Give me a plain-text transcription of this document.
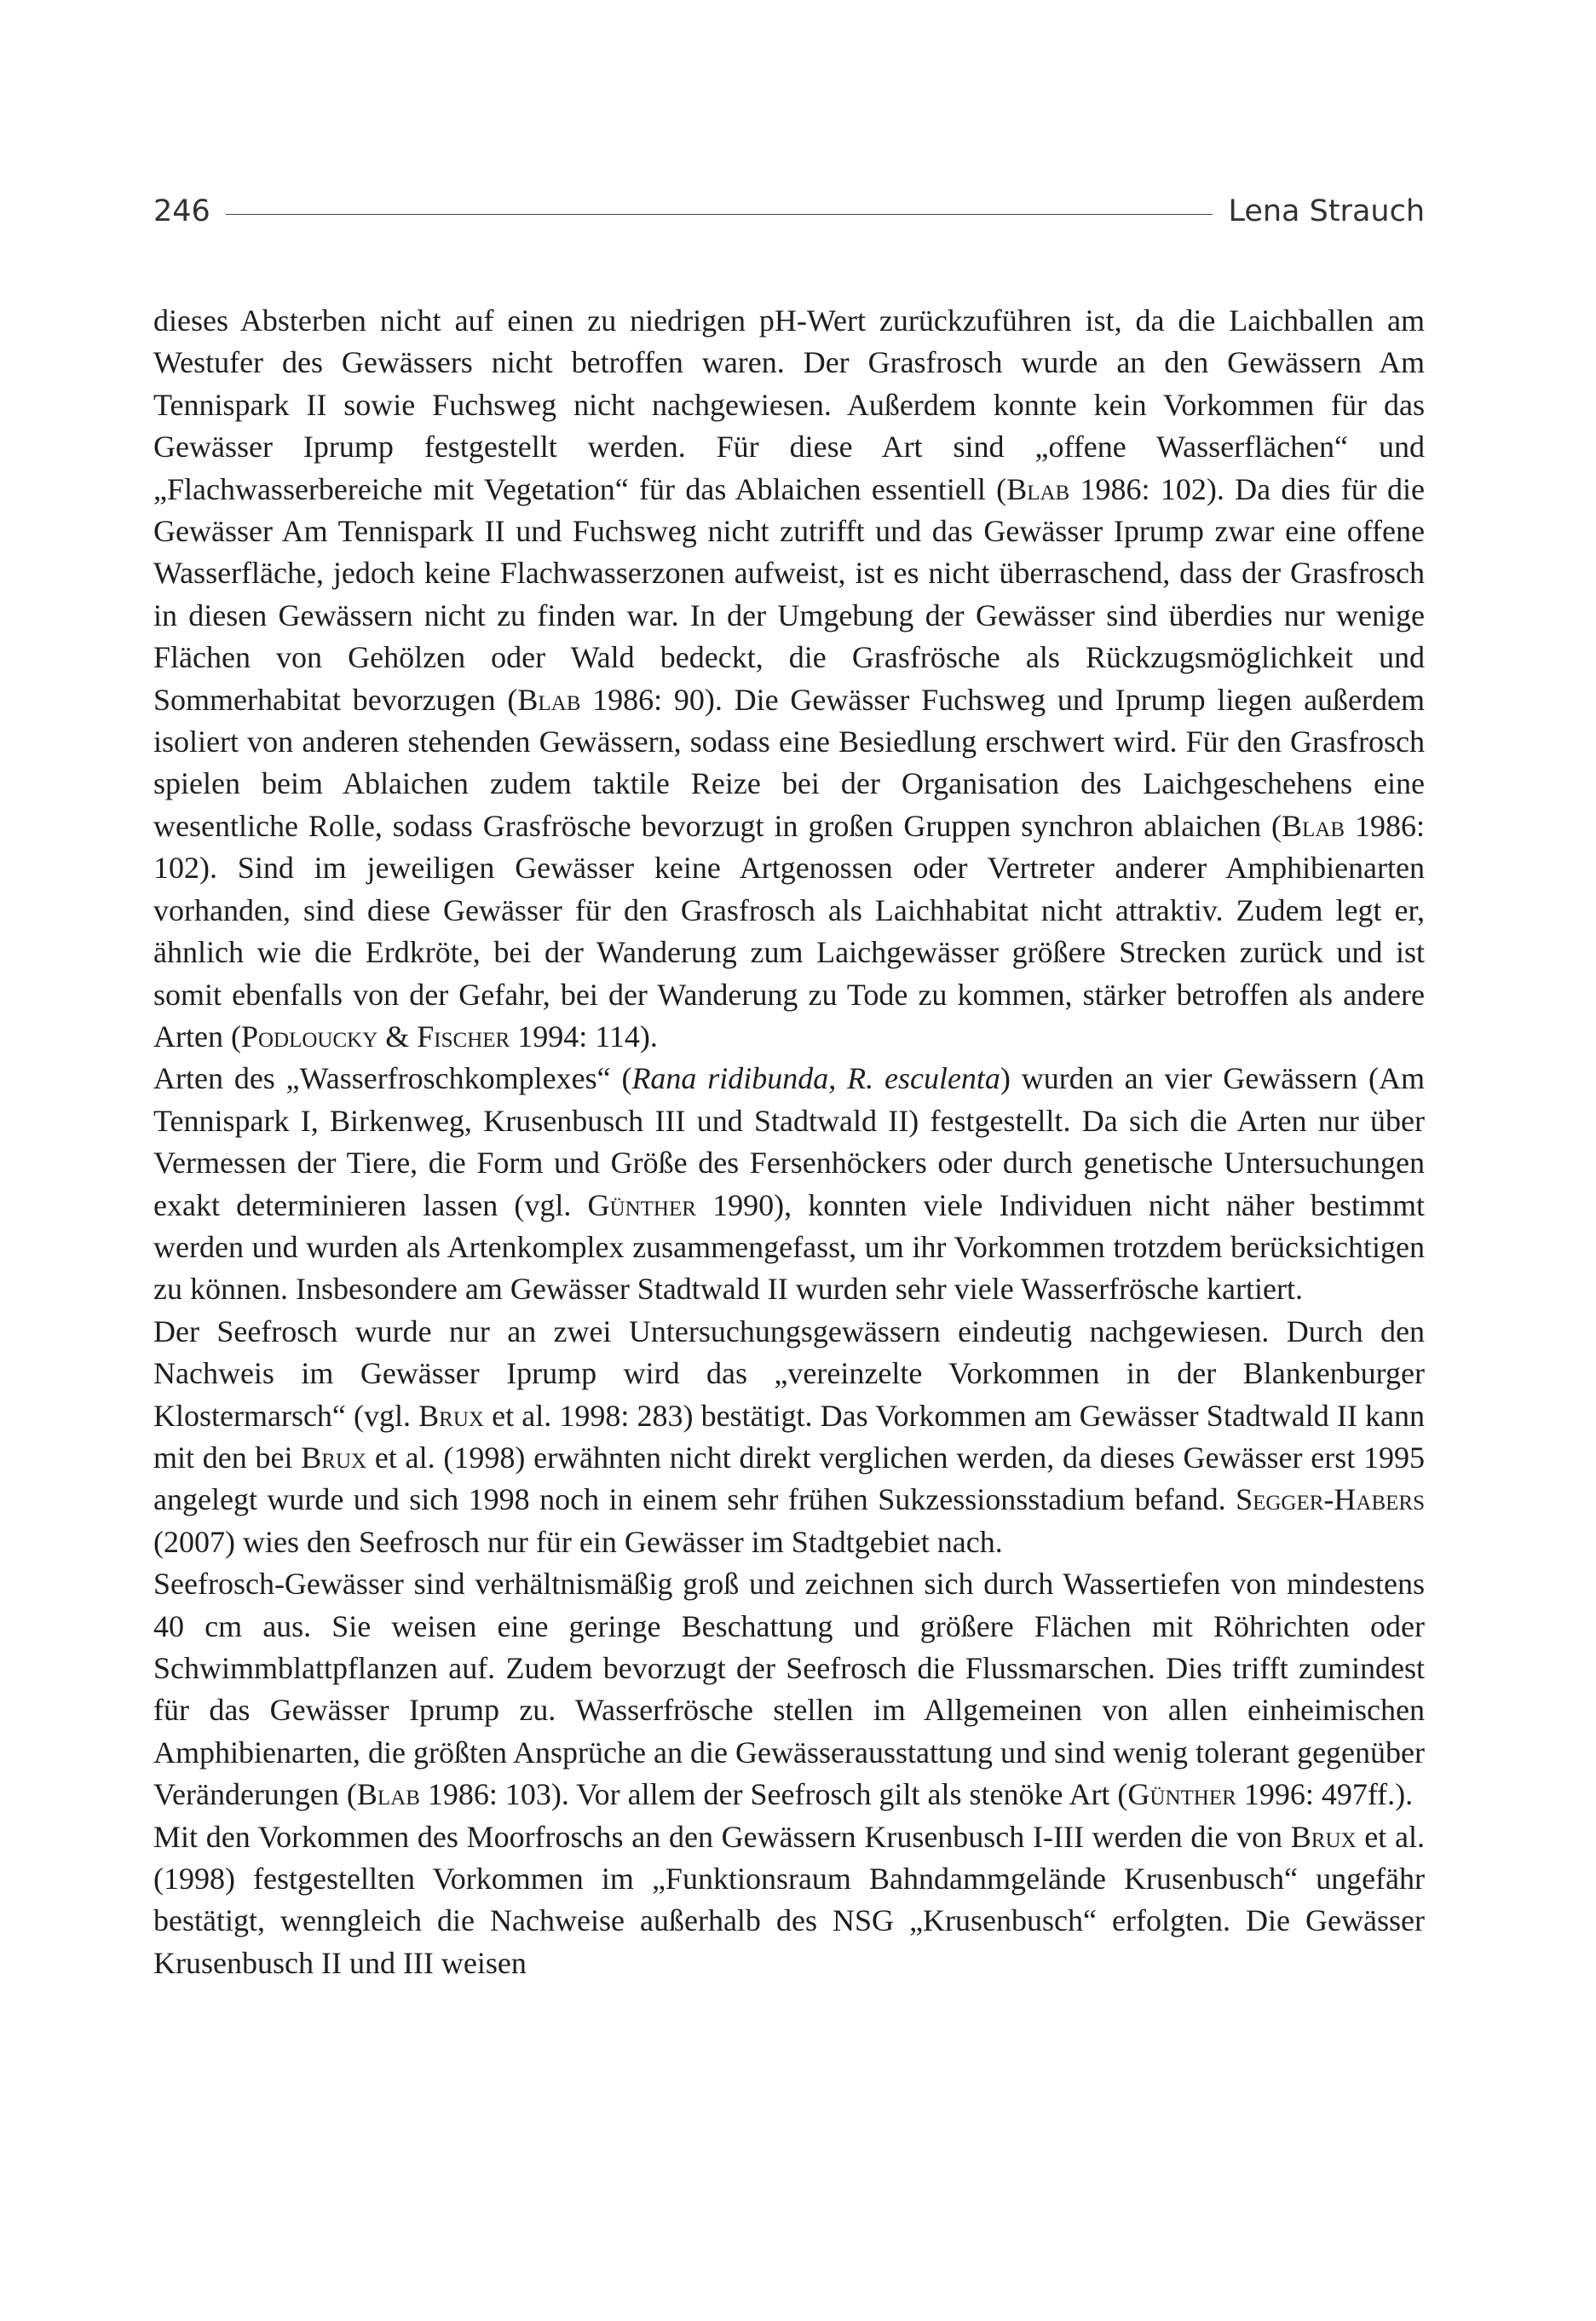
246	Lena Strauch

dieses Absterben nicht auf einen zu niedrigen pH-Wert zurückzuführen ist, da die Laichballen am Westufer des Gewässers nicht betroffen waren. Der Grasfrosch wurde an den Gewässern Am Tennispark II sowie Fuchsweg nicht nachgewiesen. Außerdem konnte kein Vorkommen für das Gewässer Iprump festgestellt werden. Für diese Art sind „offene Wasserflächen“ und „Flachwasserbereiche mit Vegetation“ für das Ablaichen essentiell (Blab 1986: 102). Da dies für die Gewässer Am Tennispark II und Fuchsweg nicht zutrifft und das Gewässer Iprump zwar eine offene Wasserfläche, jedoch keine Flachwasserzonen aufweist, ist es nicht überraschend, dass der Grasfrosch in diesen Gewässern nicht zu finden war. In der Umgebung der Gewässer sind überdies nur wenige Flächen von Gehölzen oder Wald bedeckt, die Grasfrösche als Rückzugsmöglichkeit und Sommerhabitat bevorzugen (Blab 1986: 90). Die Gewässer Fuchsweg und Iprump liegen außerdem isoliert von anderen stehenden Gewässern, sodass eine Besiedlung erschwert wird. Für den Grasfrosch spielen beim Ablaichen zudem taktile Reize bei der Organisation des Laichgeschehens eine wesentliche Rolle, sodass Grasfrösche bevorzugt in großen Gruppen synchron ablaichen (Blab 1986: 102). Sind im jeweiligen Gewässer keine Artgenossen oder Vertreter anderer Amphibienarten vorhanden, sind diese Gewässer für den Grasfrosch als Laichhabitat nicht attraktiv. Zudem legt er, ähnlich wie die Erdkröte, bei der Wanderung zum Laichgewässer größere Strecken zurück und ist somit ebenfalls von der Gefahr, bei der Wanderung zu Tode zu kommen, stärker betroffen als andere Arten (Podloucky & Fischer 1994: 114).

Arten des „Wasserfroschkomplexes“ (Rana ridibunda, R. esculenta) wurden an vier Gewässern (Am Tennispark I, Birkenweg, Krusenbusch III und Stadtwald II) festgestellt. Da sich die Arten nur über Vermessen der Tiere, die Form und Größe des Fersenhöckers oder durch genetische Untersuchungen exakt determinieren lassen (vgl. Günther 1990), konnten viele Individuen nicht näher bestimmt werden und wurden als Artenkomplex zusammengefasst, um ihr Vorkommen trotzdem berücksichtigen zu können. Insbesondere am Gewässer Stadtwald II wurden sehr viele Wasserfrösche kartiert.

Der Seefrosch wurde nur an zwei Untersuchungsgewässern eindeutig nachgewiesen. Durch den Nachweis im Gewässer Iprump wird das „vereinzelte Vorkommen in der Blankenburger Klostermarsch“ (vgl. Brux et al. 1998: 283) bestätigt. Das Vorkommen am Gewässer Stadtwald II kann mit den bei Brux et al. (1998) erwähnten nicht direkt verglichen werden, da dieses Gewässer erst 1995 angelegt wurde und sich 1998 noch in einem sehr frühen Sukzessionsstadium befand. Segger-Habers (2007) wies den Seefrosch nur für ein Gewässer im Stadtgebiet nach.

Seefrosch-Gewässer sind verhältnismäßig groß und zeichnen sich durch Wassertiefen von mindestens 40 cm aus. Sie weisen eine geringe Beschattung und größere Flächen mit Röhrichten oder Schwimmblattpflanzen auf. Zudem bevorzugt der Seefrosch die Flussmarschen. Dies trifft zumindest für das Gewässer Iprump zu. Wasserfrösche stellen im Allgemeinen von allen einheimischen Amphibienarten, die größten Ansprüche an die Gewässerausstattung und sind wenig tolerant gegenüber Veränderungen (Blab 1986: 103). Vor allem der Seefrosch gilt als stenöke Art (Günther 1996: 497ff.).

Mit den Vorkommen des Moorfroschs an den Gewässern Krusenbusch I-III werden die von Brux et al. (1998) festgestellten Vorkommen im „Funktionsraum Bahndammgelände Krusenbusch“ ungefähr bestätigt, wenngleich die Nachweise außerhalb des NSG „Krusenbusch“ erfolgten. Die Gewässer Krusenbusch II und III weisen
